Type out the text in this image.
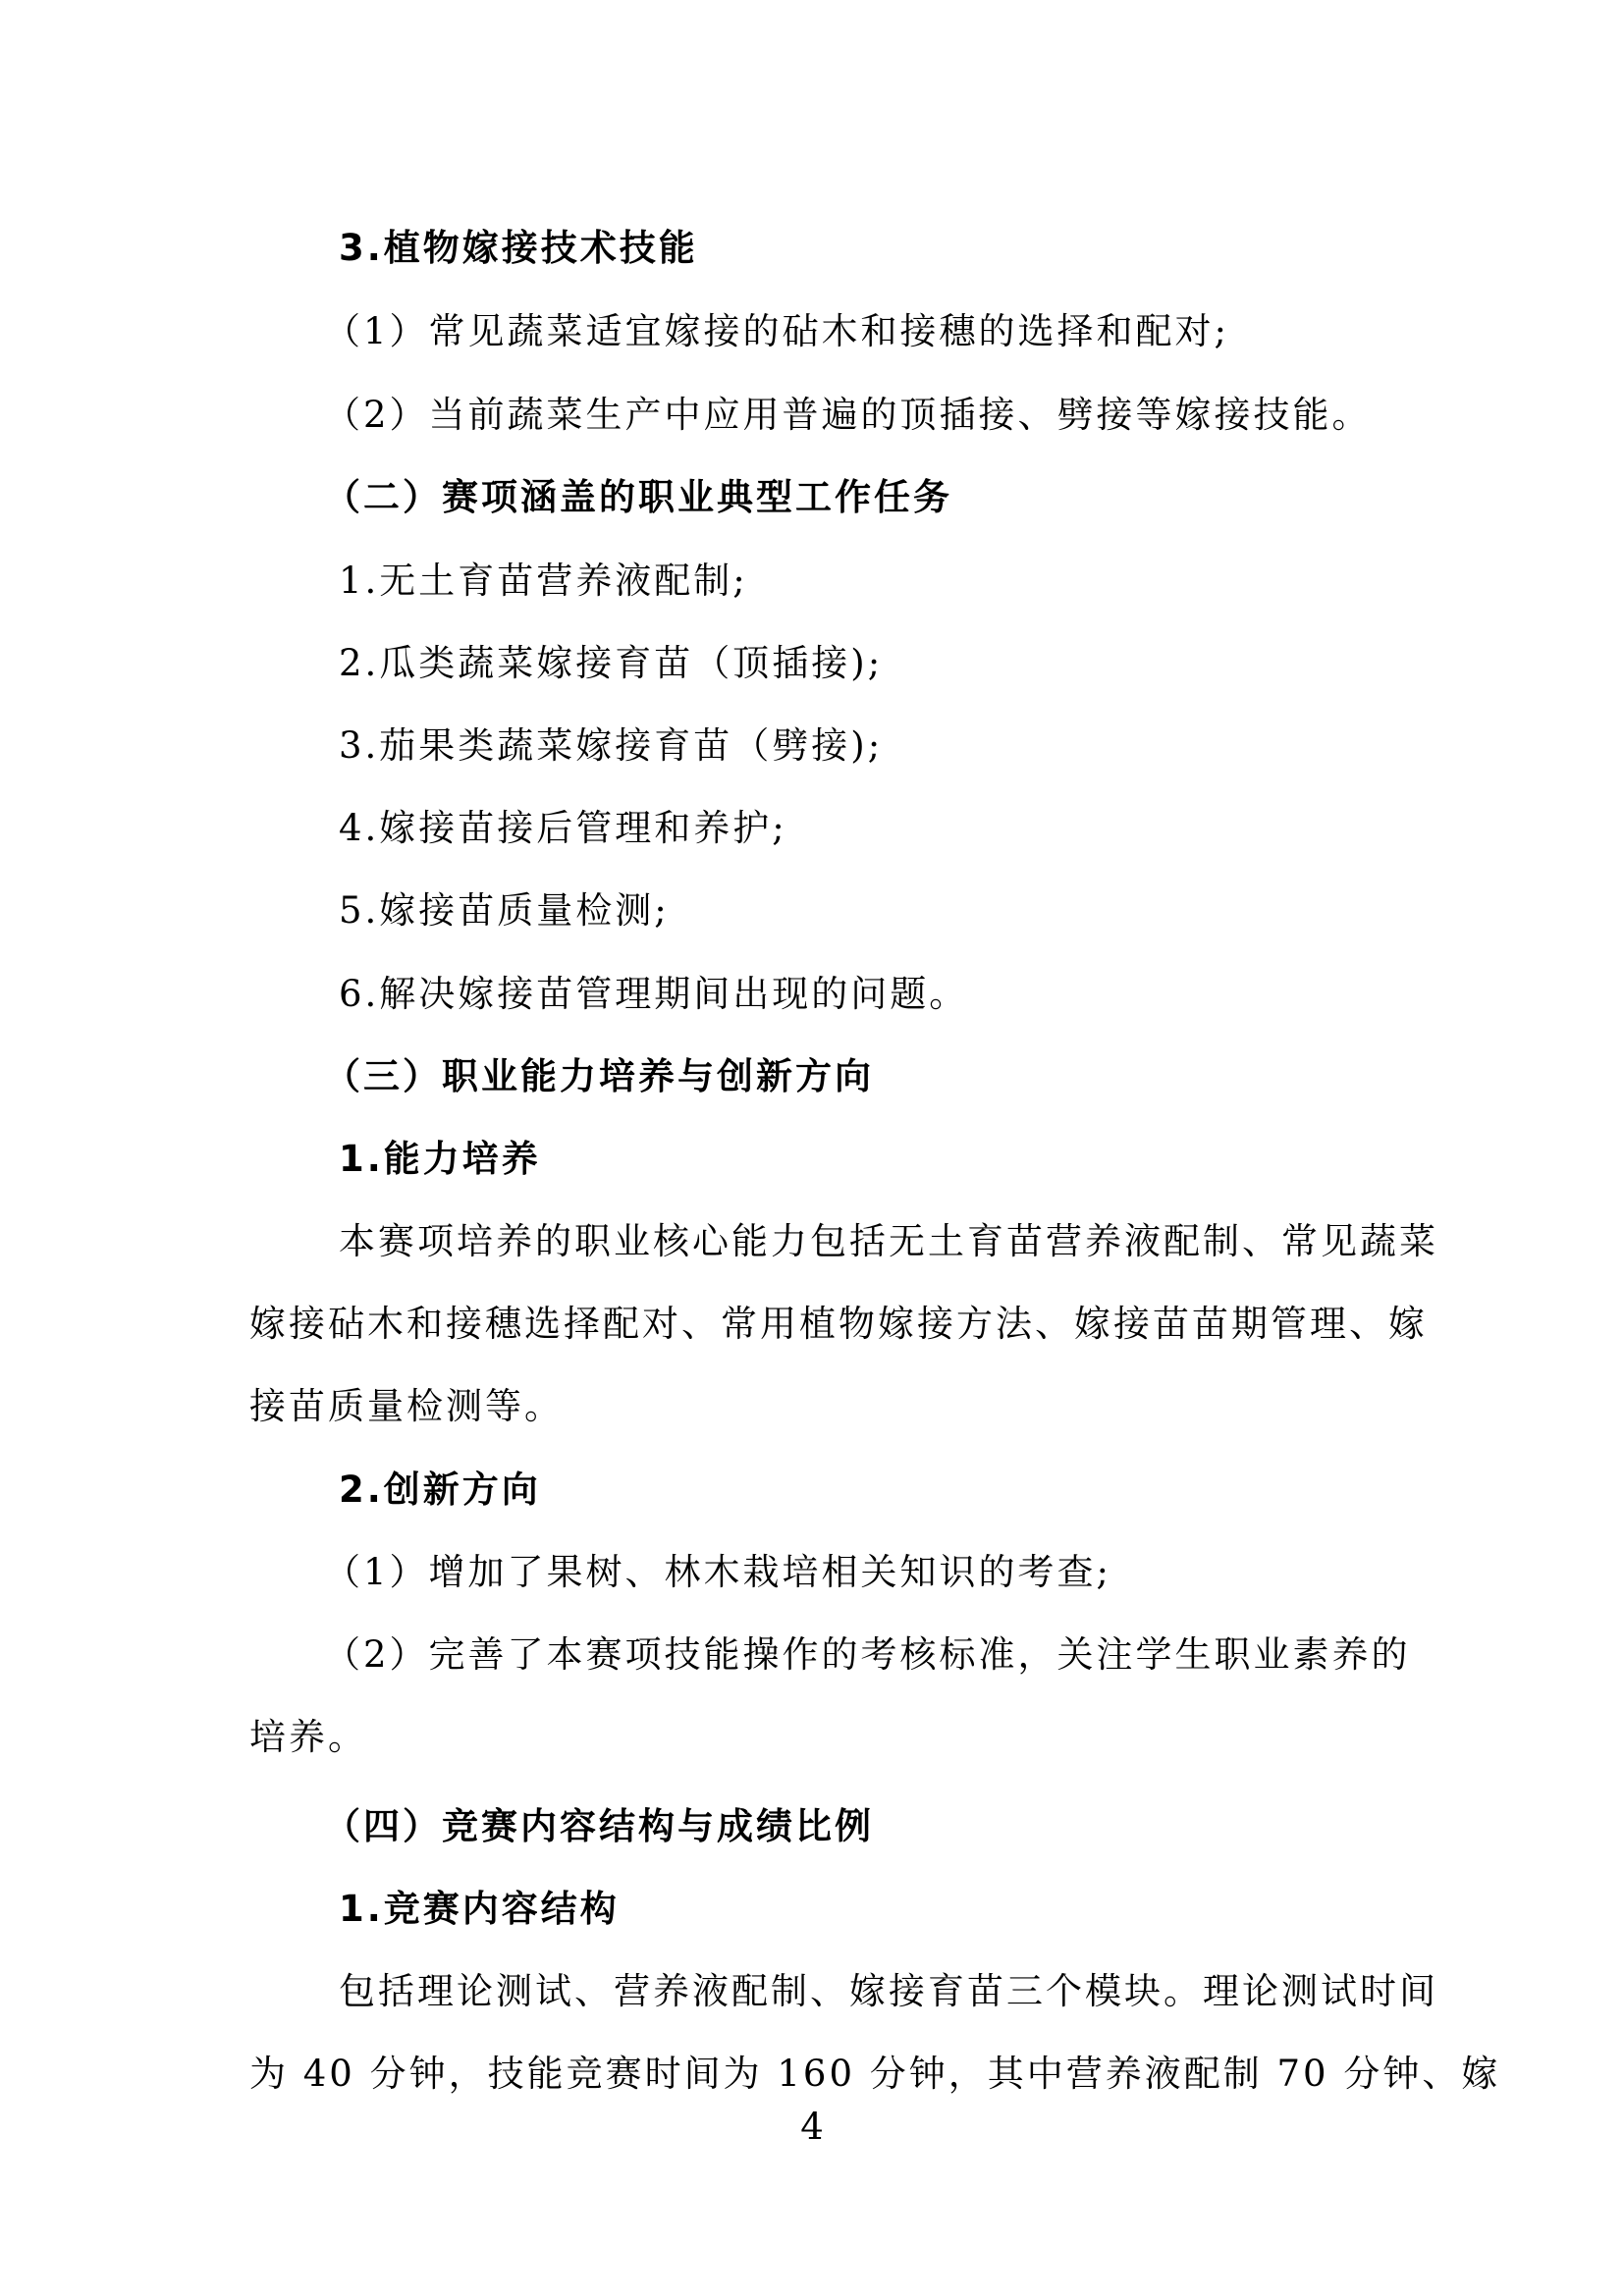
3.植物嫁接技术技能
（1）常见蔬菜适宜嫁接的砧木和接穗的选择和配对;
（2）当前蔬菜生产中应用普遍的顶插接、劈接等嫁接技能。
（二）赛项涵盖的职业典型工作任务
1.无土育苗营养液配制;
2.瓜类蔬菜嫁接育苗（顶插接);
3.茄果类蔬菜嫁接育苗（劈接);
4.嫁接苗接后管理和养护;
5.嫁接苗质量检测;
6.解决嫁接苗管理期间出现的问题。
（三）职业能力培养与创新方向
1.能力培养
本赛项培养的职业核心能力包括无土育苗营养液配制、常见蔬菜
嫁接砧木和接穗选择配对、常用植物嫁接方法、嫁接苗苗期管理、嫁
接苗质量检测等。
2.创新方向
（1）增加了果树、林木栽培相关知识的考查;
（2）完善了本赛项技能操作的考核标准，关注学生职业素养的
培养。
（四）竞赛内容结构与成绩比例
1.竞赛内容结构
包括理论测试、营养液配制、嫁接育苗三个模块。理论测试时间
为 40 分钟，技能竞赛时间为 160 分钟，其中营养液配制 70 分钟、嫁
4
